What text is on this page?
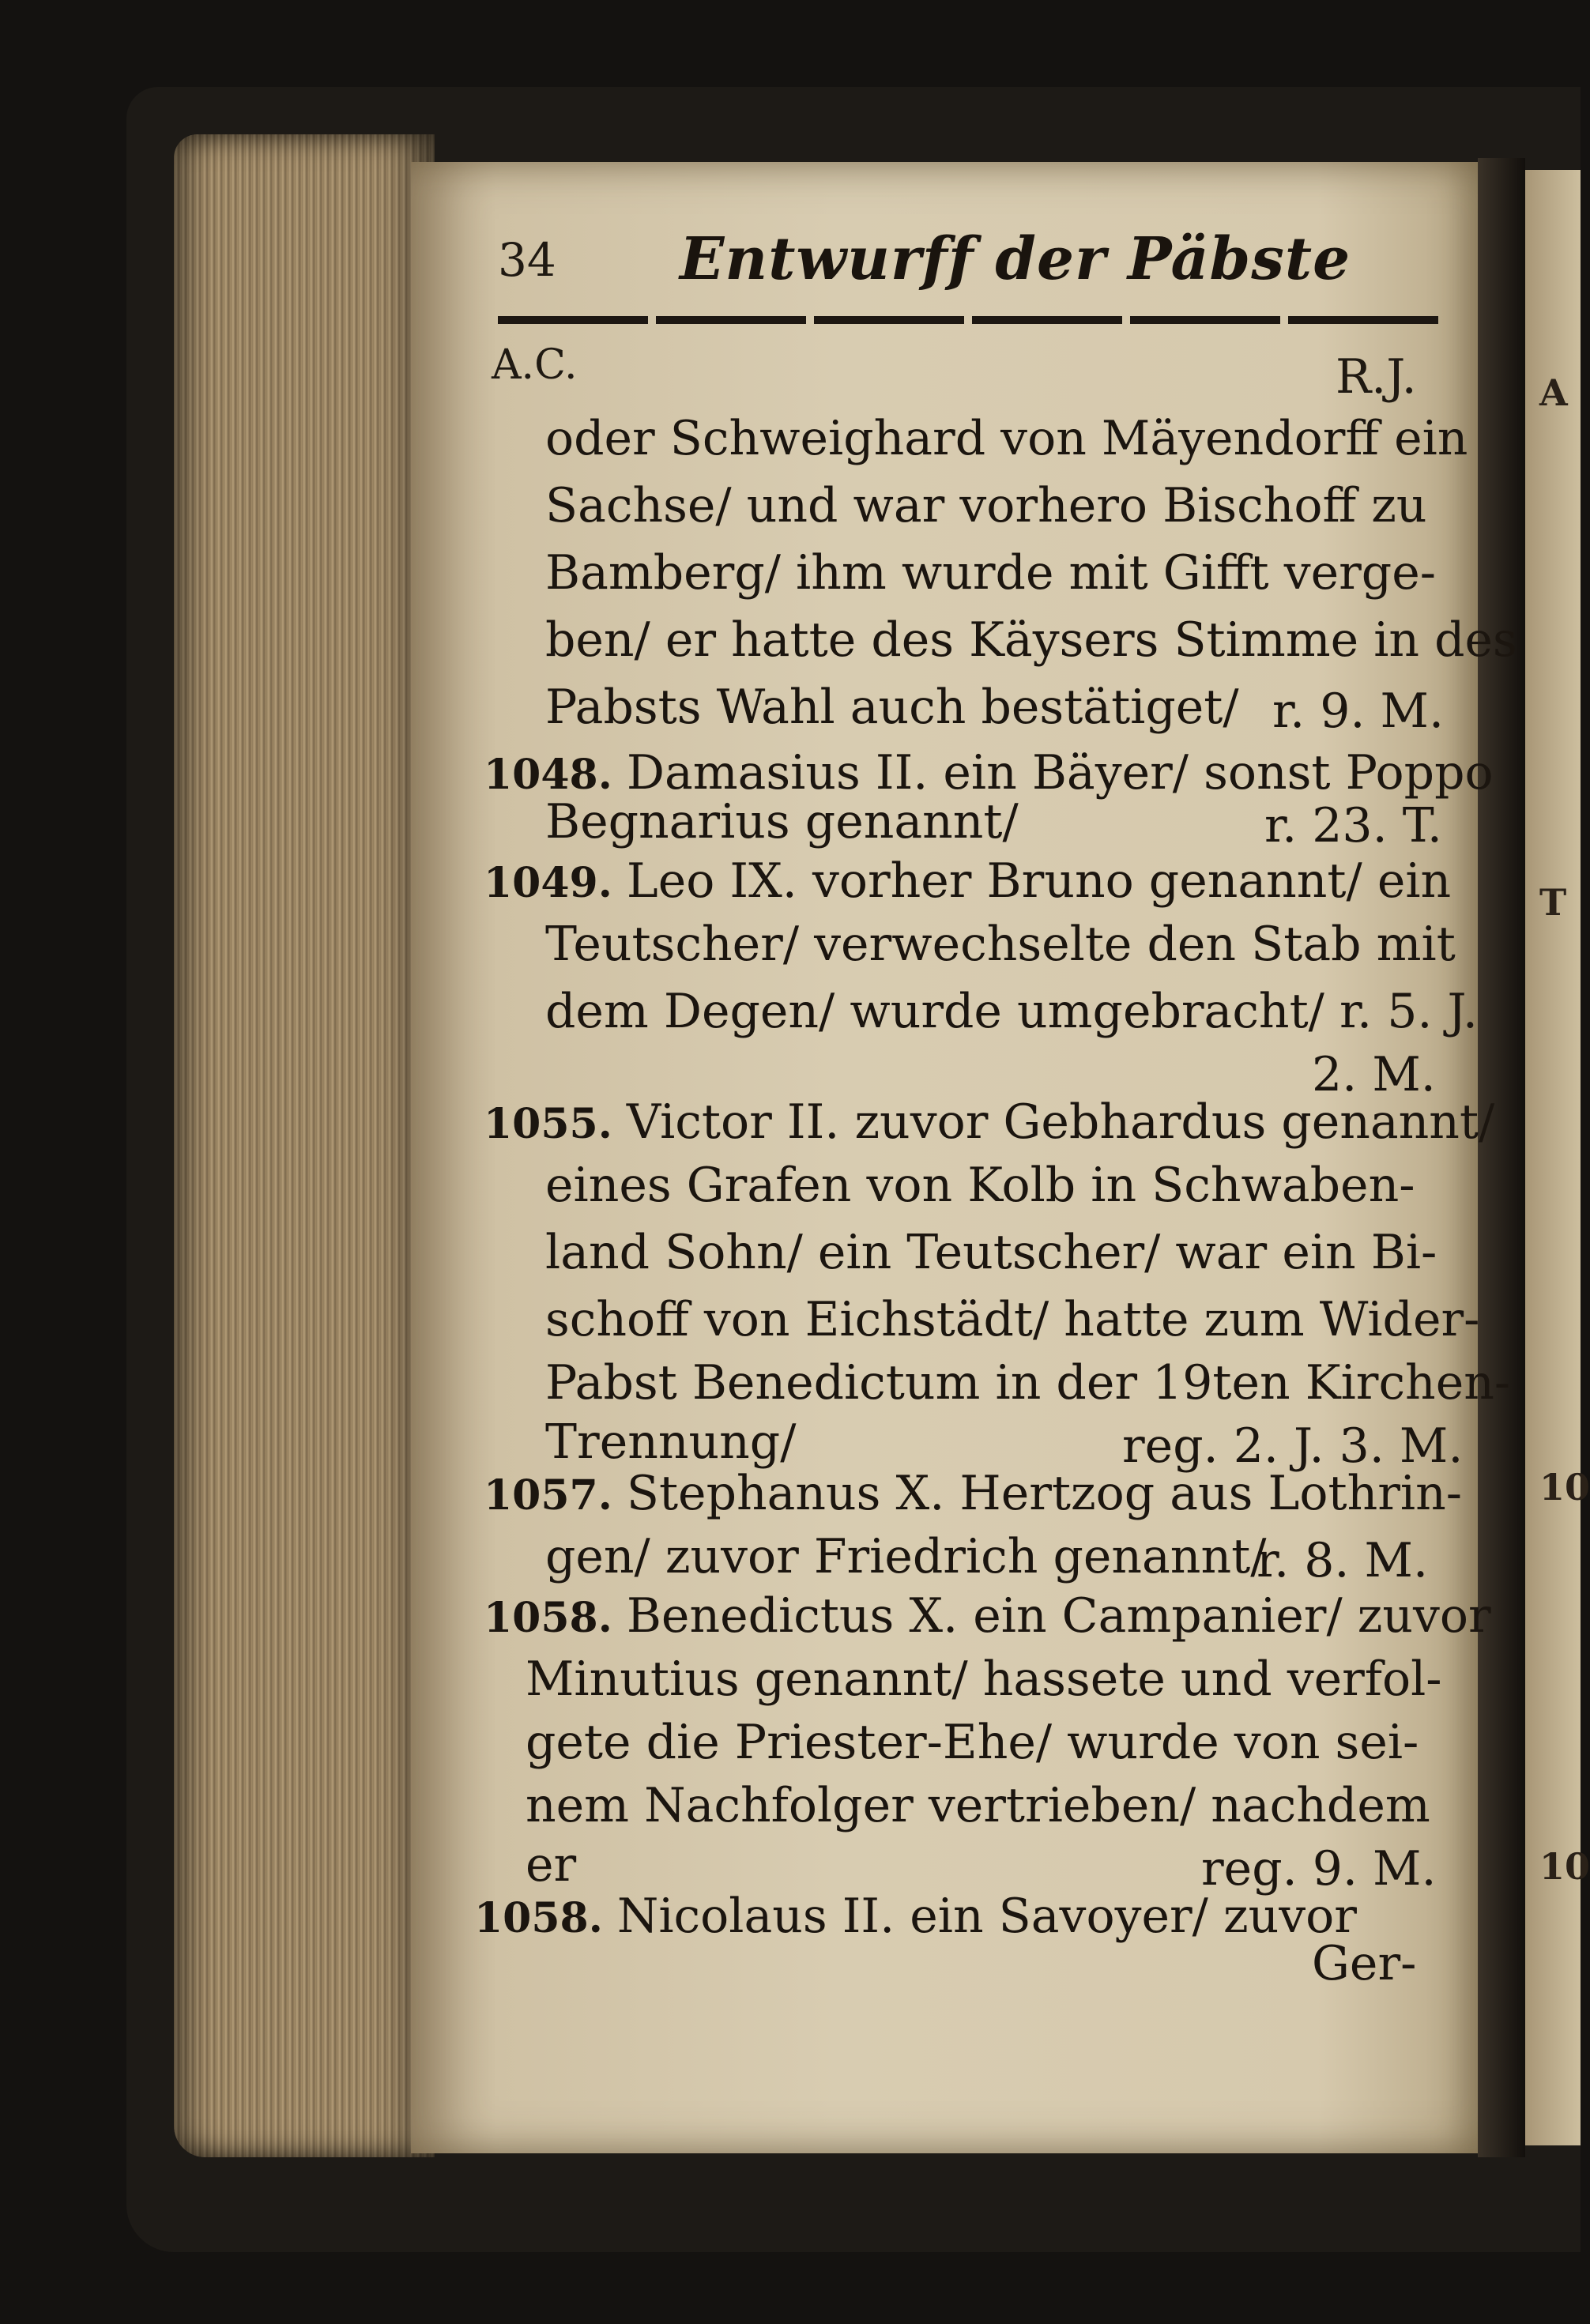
A
T
10
10
34 Entwurff der Päbste
A.C.	R.J.
oder Schweighard von Mäyendorff ein
Sachse/ und war vorhero Bischoff zu
Bamberg/ ihm wurde mit Gifft verge-
ben/ er hatte des Käysers Stimme in des
Pabsts Wahl auch bestätiget/ r. 9. M.
1048. Damasius II. ein Bäyer/ sonst Poppo
Begnarius genannt/	r. 23. T.
1049. Leo IX. vorher Bruno genannt/ ein
Teutscher/ verwechselte den Stab mit
dem Degen/ wurde umgebracht/ r. 5. J.
2. M.
1055. Victor II. zuvor Gebhardus genannt/
eines Grafen von Kolb in Schwaben-
land Sohn/ ein Teutscher/ war ein Bi-
schoff von Eichstädt/ hatte zum Wider-
Pabst Benedictum in der 19ten Kirchen-
Trennung/	reg. 2. J. 3. M.
1057. Stephanus X. Hertzog aus Lothrin-
gen/ zuvor Friedrich genannt/
r. 8. M.
1058. Benedictus X. ein Campanier/ zuvor
Minutius genannt/ hassete und verfol-
gete die Priester-Ehe/ wurde von sei-
nem Nachfolger vertrieben/ nachdem
er	reg. 9. M.
1058. Nicolaus II. ein Savoyer/ zuvor
Ger-
